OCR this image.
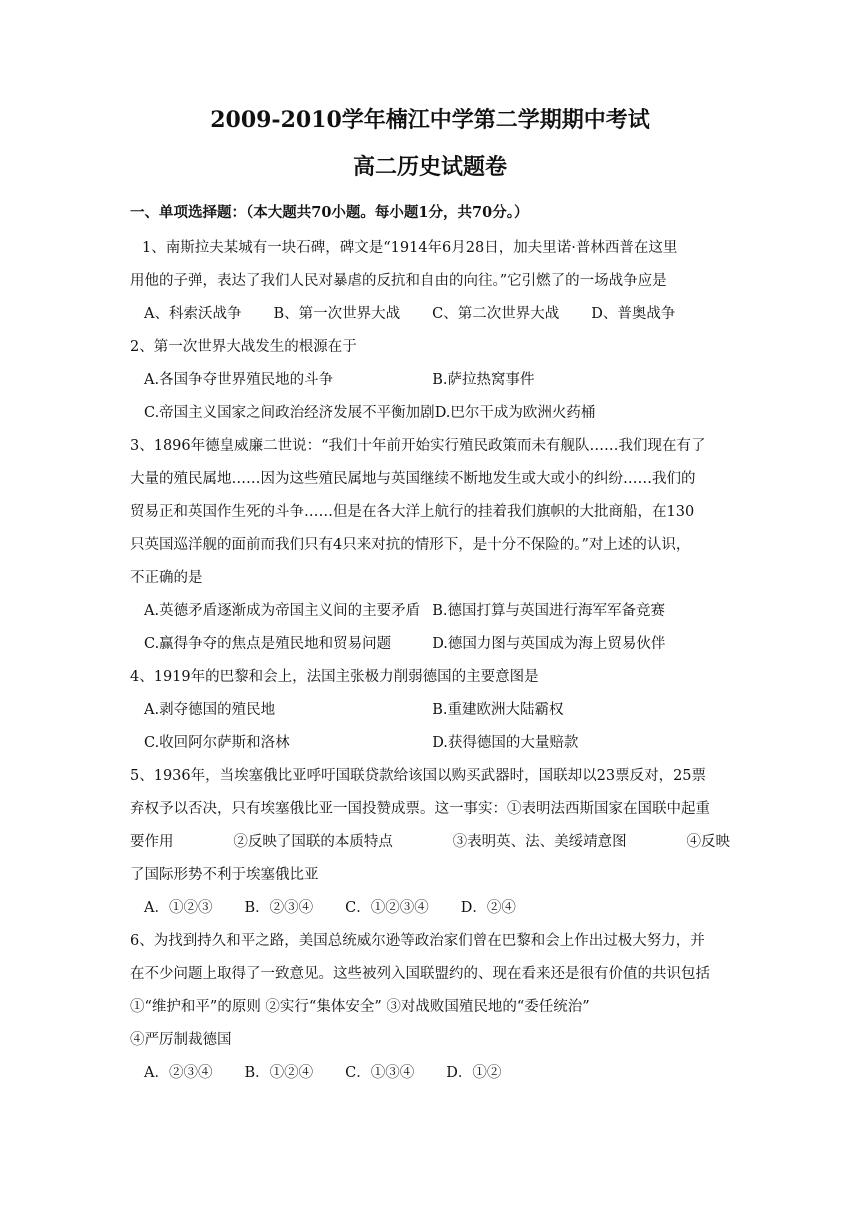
2009-2010学年楠江中学第二学期期中考试
高二历史试题卷
一、单项选择题：（本大题共70小题。每小题1分，共70分。）
1、南斯拉夫某城有一块石碑，碑文是“1914年6月28日，加夫里诺·普林西普在这里
用他的子弹，表达了我们人民对暴虐的反抗和自由的向往。”它引燃了的一场战争应是
A、科索沃战争 B、第一次世界大战 C、第二次世界大战 D、普奥战争
2、第一次世界大战发生的根源在于
A.各国争夺世界殖民地的斗争	B.萨拉热窝事件
C.帝国主义国家之间政治经济发展不平衡加剧 D.巴尔干成为欧洲火药桶
3、1896年德皇威廉二世说：“我们十年前开始实行殖民政策而未有舰队……我们现在有了
大量的殖民属地……因为这些殖民属地与英国继续不断地发生或大或小的纠纷……我们的
贸易正和英国作生死的斗争……但是在各大洋上航行的挂着我们旗帜的大批商船，在130
只英国巡洋舰的面前而我们只有4只来对抗的情形下，是十分不保险的。”对上述的认识，
不正确的是
A.英德矛盾逐渐成为帝国主义间的主要矛盾 B.德国打算与英国进行海军军备竞赛
C.赢得争夺的焦点是殖民地和贸易问题	D.德国力图与英国成为海上贸易伙伴
4、1919年的巴黎和会上，法国主张极力削弱德国的主要意图是
A.剥夺德国的殖民地	B.重建欧洲大陆霸权
C.收回阿尔萨斯和洛林	D.获得德国的大量赔款
5、1936年，当埃塞俄比亚呼吁国联贷款给该国以购买武器时，国联却以23票反对，25票
弃权予以否决，只有埃塞俄比亚一国投赞成票。这一事实：①表明法西斯国家在国联中起重
要作用	②反映了国联的本质特点	③表明英、法、美绥靖意图	④反映
了国际形势不利于埃塞俄比亚
A．①②③ B．②③④ C．①②③④ D．②④
6、为找到持久和平之路，美国总统威尔逊等政治家们曾在巴黎和会上作出过极大努力，并
在不少问题上取得了一致意见。这些被列入国联盟约的、现在看来还是很有价值的共识包括
①“维护和平”的原则 ②实行“集体安全” ③对战败国殖民地的“委任统治”
④严厉制裁德国
A．②③④ B．①②④ C．①③④ D．①②
